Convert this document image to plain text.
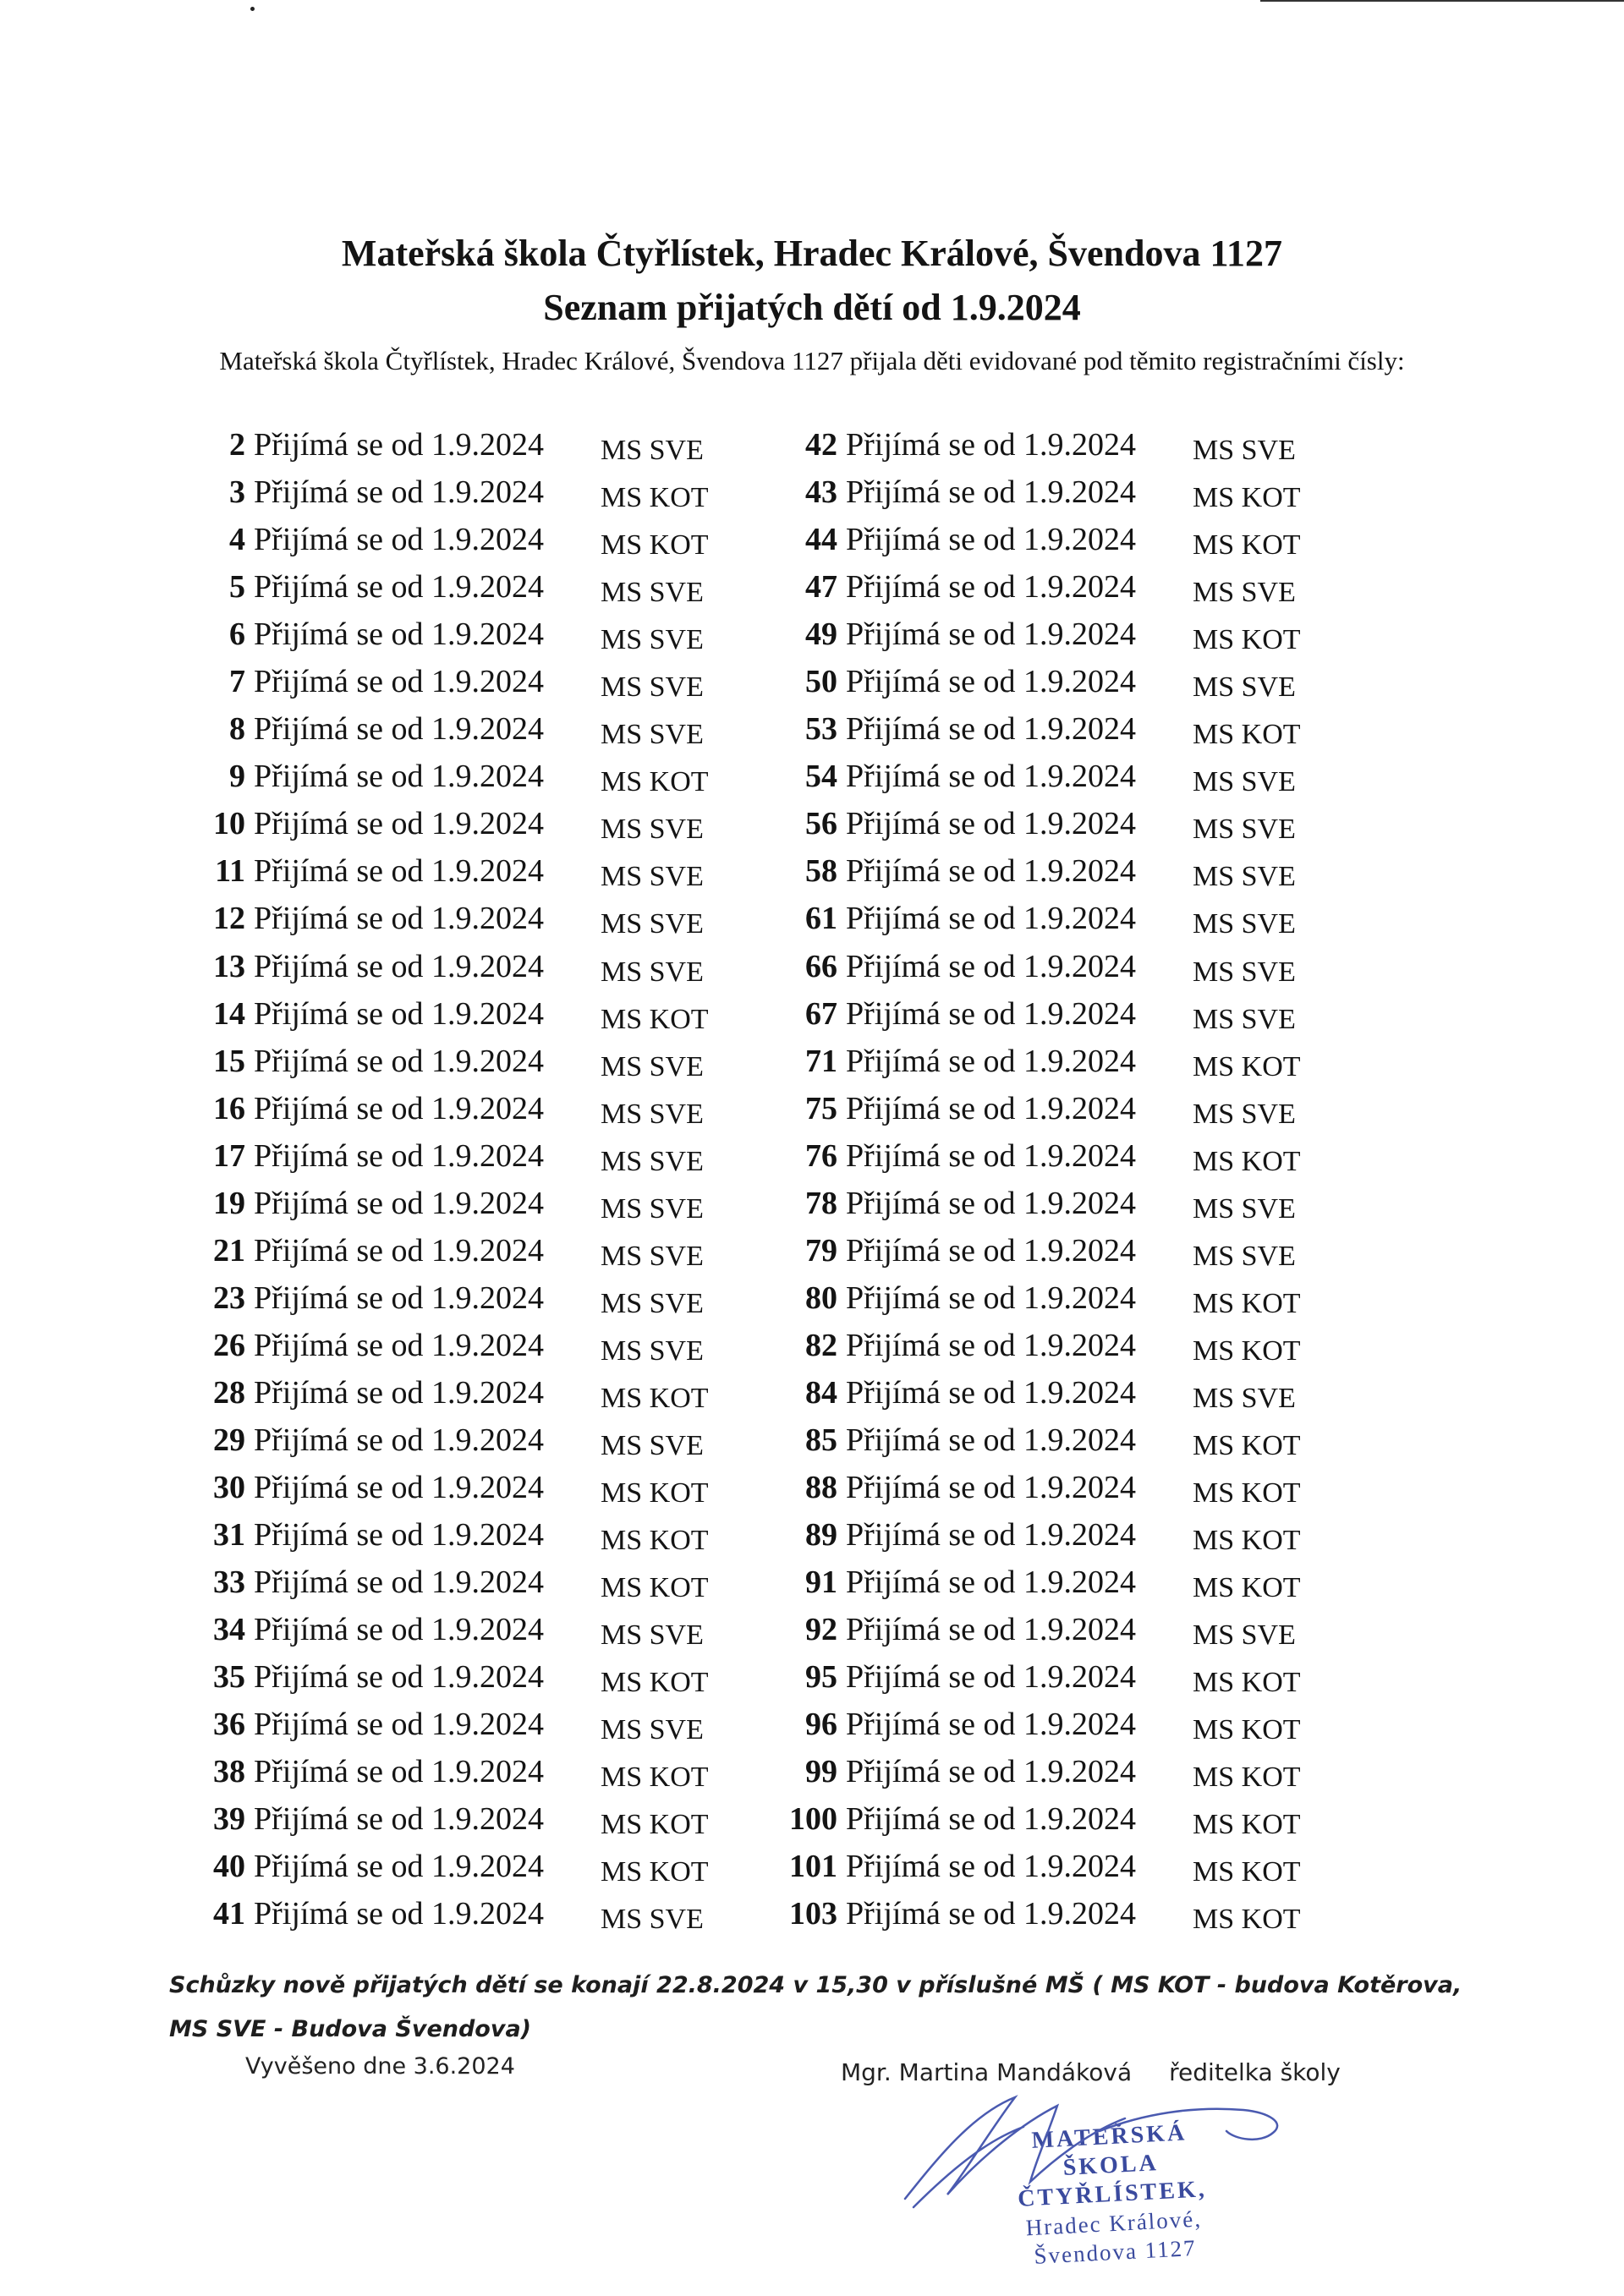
Mateřská škola Čtyřlístek, Hradec Králové, Švendova 1127
Seznam přijatých dětí od 1.9.2024
Mateřská škola Čtyřlístek, Hradec Králové, Švendova 1127 přijala děti evidované pod těmito registračními čísly:
2 Přijímá se od 1.9.2024 MS SVE
3 Přijímá se od 1.9.2024 MS KOT
4 Přijímá se od 1.9.2024 MS KOT
5 Přijímá se od 1.9.2024 MS SVE
6 Přijímá se od 1.9.2024 MS SVE
7 Přijímá se od 1.9.2024 MS SVE
8 Přijímá se od 1.9.2024 MS SVE
9 Přijímá se od 1.9.2024 MS KOT
10 Přijímá se od 1.9.2024 MS SVE
11 Přijímá se od 1.9.2024 MS SVE
12 Přijímá se od 1.9.2024 MS SVE
13 Přijímá se od 1.9.2024 MS SVE
14 Přijímá se od 1.9.2024 MS KOT
15 Přijímá se od 1.9.2024 MS SVE
16 Přijímá se od 1.9.2024 MS SVE
17 Přijímá se od 1.9.2024 MS SVE
19 Přijímá se od 1.9.2024 MS SVE
21 Přijímá se od 1.9.2024 MS SVE
23 Přijímá se od 1.9.2024 MS SVE
26 Přijímá se od 1.9.2024 MS SVE
28 Přijímá se od 1.9.2024 MS KOT
29 Přijímá se od 1.9.2024 MS SVE
30 Přijímá se od 1.9.2024 MS KOT
31 Přijímá se od 1.9.2024 MS KOT
33 Přijímá se od 1.9.2024 MS KOT
34 Přijímá se od 1.9.2024 MS SVE
35 Přijímá se od 1.9.2024 MS KOT
36 Přijímá se od 1.9.2024 MS SVE
38 Přijímá se od 1.9.2024 MS KOT
39 Přijímá se od 1.9.2024 MS KOT
40 Přijímá se od 1.9.2024 MS KOT
41 Přijímá se od 1.9.2024 MS SVE
42 Přijímá se od 1.9.2024 MS SVE
43 Přijímá se od 1.9.2024 MS KOT
44 Přijímá se od 1.9.2024 MS KOT
47 Přijímá se od 1.9.2024 MS SVE
49 Přijímá se od 1.9.2024 MS KOT
50 Přijímá se od 1.9.2024 MS SVE
53 Přijímá se od 1.9.2024 MS KOT
54 Přijímá se od 1.9.2024 MS SVE
56 Přijímá se od 1.9.2024 MS SVE
58 Přijímá se od 1.9.2024 MS SVE
61 Přijímá se od 1.9.2024 MS SVE
66 Přijímá se od 1.9.2024 MS SVE
67 Přijímá se od 1.9.2024 MS SVE
71 Přijímá se od 1.9.2024 MS KOT
75 Přijímá se od 1.9.2024 MS SVE
76 Přijímá se od 1.9.2024 MS KOT
78 Přijímá se od 1.9.2024 MS SVE
79 Přijímá se od 1.9.2024 MS SVE
80 Přijímá se od 1.9.2024 MS KOT
82 Přijímá se od 1.9.2024 MS KOT
84 Přijímá se od 1.9.2024 MS SVE
85 Přijímá se od 1.9.2024 MS KOT
88 Přijímá se od 1.9.2024 MS KOT
89 Přijímá se od 1.9.2024 MS KOT
91 Přijímá se od 1.9.2024 MS KOT
92 Přijímá se od 1.9.2024 MS SVE
95 Přijímá se od 1.9.2024 MS KOT
96 Přijímá se od 1.9.2024 MS KOT
99 Přijímá se od 1.9.2024 MS KOT
100 Přijímá se od 1.9.2024 MS KOT
101 Přijímá se od 1.9.2024 MS KOT
103 Přijímá se od 1.9.2024 MS KOT
Schůzky nově přijatých dětí se konají 22.8.2024 v 15,30 v příslušné MŠ ( MS KOT - budova Kotěrova,
MS SVE - Budova Švendova)
Vyvěšeno dne 3.6.2024	Mgr. Martina Mandáková ředitelka školy
MATEŘSKÁ ŠKOLA
ČTYŘLÍSTEK,
Hradec Králové,
Švendova 1127
